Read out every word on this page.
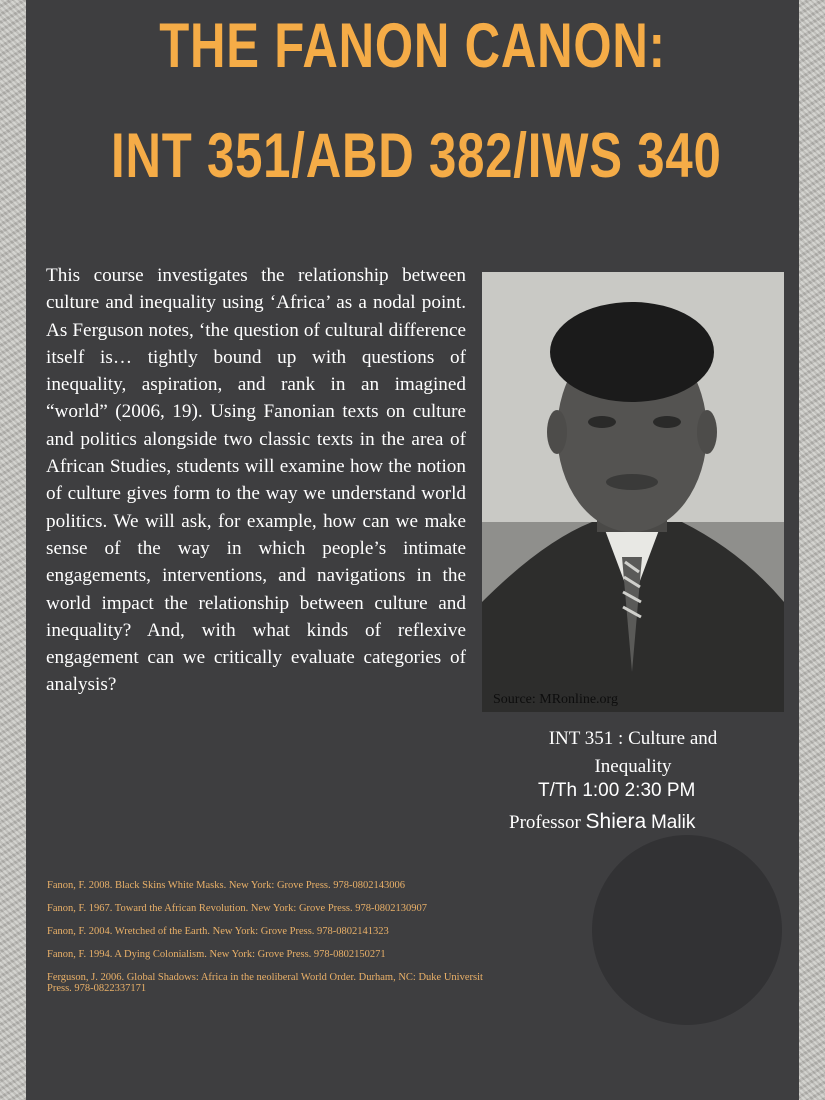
THE FANON CANON:
INT 351/ABD 382/IWS 340

This course investigates the relationship between culture and inequality using ‘Africa’ as a nodal point. As Ferguson notes, ‘the question of cultural difference itself is… tightly bound up with questions of inequality, aspiration, and rank in an imagined “world” (2006, 19). Using Fanonian texts on culture and politics alongside two classic texts in the area of African Studies, students will examine how the notion of culture gives form to the way we understand world politics. We will ask, for example, how can we make sense of the way in which people’s intimate engagements, interventions, and navigations in the world impact the relationship between culture and inequality? And, with what kinds of reflexive engagement can we critically evaluate categories of analysis?

Source: MRonline.org
INT 351 : Culture and
Inequality
T/Th 1:00 2:30 PM
Professor Shiera Malik

Fanon, F. 2008. Black Skins White Masks. New York: Grove Press. 978-0802143006

Fanon, F. 1967. Toward the African Revolution. New York: Grove Press. 978-0802130907

Fanon, F. 2004. Wretched of the Earth. New York: Grove Press. 978-0802141323

Fanon, F. 1994. A Dying Colonialism. New York: Grove Press. 978-0802150271

Ferguson, J. 2006. Global Shadows: Africa in the neoliberal World Order. Durham, NC: Duke Universit

Press. 978-0822337171
